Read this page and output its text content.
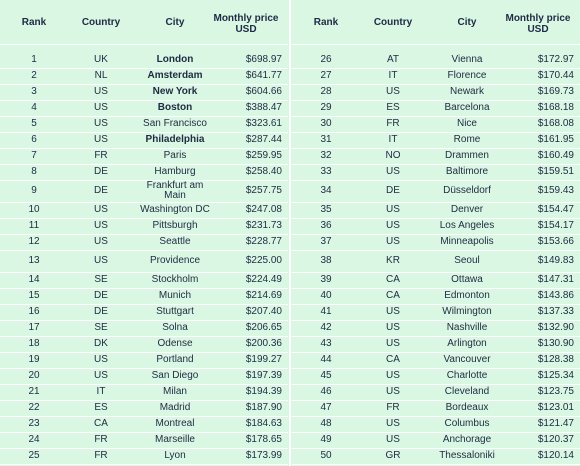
Rank	Country	City	Monthly price USD
1	UK	London	$698.97
2	NL	Amsterdam	$641.77
3	US	New York	$604.66
4	US	Boston	$388.47
5	US	San Francisco	$323.61
6	US	Philadelphia	$287.44
7	FR	Paris	$259.95
8	DE	Hamburg	$258.40
9	DE	Frankfurt am Main	$257.75
10	US	Washington DC	$247.08
11	US	Pittsburgh	$231.73
12	US	Seattle	$228.77
13	US	Providence	$225.00
14	SE	Stockholm	$224.49
15	DE	Munich	$214.69
16	DE	Stuttgart	$207.40
17	SE	Solna	$206.65
18	DK	Odense	$200.36
19	US	Portland	$199.27
20	US	San Diego	$197.39
21	IT	Milan	$194.39
22	ES	Madrid	$187.90
23	CA	Montreal	$184.63
24	FR	Marseille	$178.65
25	FR	Lyon	$173.99
Rank	Country	City	Monthly price USD
26	AT	Vienna	$172.97
27	IT	Florence	$170.44
28	US	Newark	$169.73
29	ES	Barcelona	$168.18
30	FR	Nice	$168.08
31	IT	Rome	$161.95
32	NO	Drammen	$160.49
33	US	Baltimore	$159.51
34	DE	Düsseldorf	$159.43
35	US	Denver	$154.47
36	US	Los Angeles	$154.17
37	US	Minneapolis	$153.66
38	KR	Seoul	$149.83
39	CA	Ottawa	$147.31
40	CA	Edmonton	$143.86
41	US	Wilmington	$137.33
42	US	Nashville	$132.90
43	US	Arlington	$130.90
44	CA	Vancouver	$128.38
45	US	Charlotte	$125.34
46	US	Cleveland	$123.75
47	FR	Bordeaux	$123.01
48	US	Columbus	$121.47
49	US	Anchorage	$120.37
50	GR	Thessaloniki	$120.14
